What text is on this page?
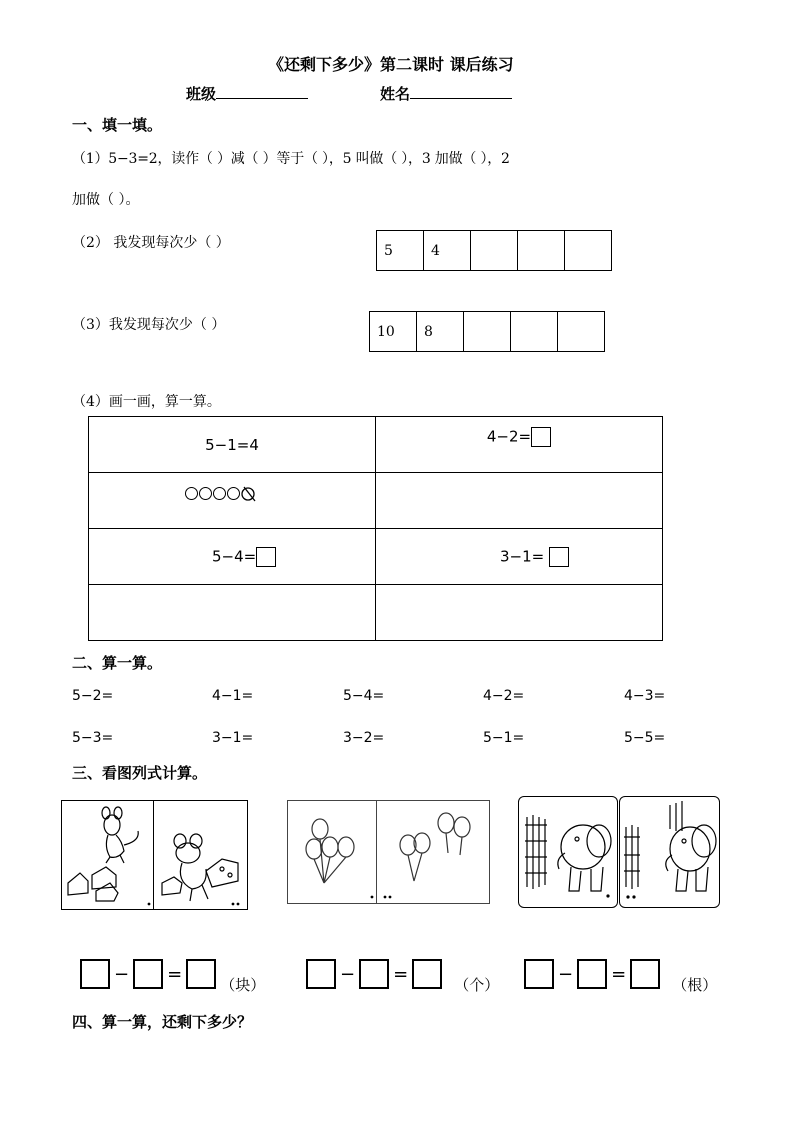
《还剩下多少》第二课时 课后练习
班级	姓名
一、填一填。
（1）5−3=2，读作（ ）减（ ）等于（ ），5 叫做（ ），3 加做（ ），2
加做（ ）。
（2） 我发现每次少（ ）	5	4			
（3）我发现每次少（ ）	10	8			
（4）画一画，算一算。
5−1=4	4−2=

5−4=	3−1=

二、算一算。
5−2=	4−1=	5−4=	4−2=	4−3=
5−3=	3−1=	3−2=	5−1=	5−5=
三、看图列式计算。
− =（块）
− =（个）
− =（根）
四、算一算，还剩下多少？
